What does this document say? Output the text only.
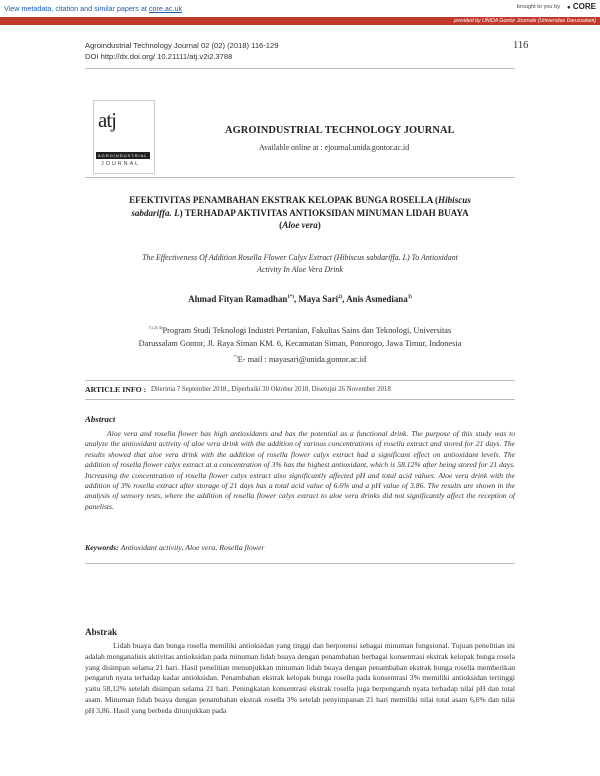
View metadata, citation and similar papers at core.ac.uk	brought to you by ● CORE
provided by UNIDA Gontor Journals (Universitas Darussalam)
Agroindustrial Technology Journal 02 (02) (2018) 116-129
DOI http://dx.doi.org/ 10.21111/atj.v2i2.3788
116
atj
AGROINDUSTRIAL
JOURNAL
AGROINDUSTRIAL TECHNOLOGY JOURNAL
Available online at : ejournal.unida.gontor.ac.id
EFEKTIVITAS PENAMBAHAN EKSTRAK KELOPAK BUNGA ROSELLA (Hibiscus
sabdariffa. L) TERHADAP AKTIVITAS ANTIOKSIDAN MINUMAN LIDAH BUAYA
(Aloe vera)
The Effectiveness Of Addition Rosella Flower Calyx Extract (Hibiscus sabdariffa. L) To Antioxidant
Activity In Aloe Vera Drink
Ahmad Fityan Ramadhan$^{1*)}$, Maya Sari$^{2)}$, Anis Asmediana$^{3)}$
$^{1) 2) 3)}$Program Studi Teknologi Industri Pertanian, Fakultas Sains dan Teknologi, Universitas
Darussalam Gontor, Jl. Raya Siman KM. 6, Kecamatan Siman, Ponorogo, Jawa Timur, Indonesia
*)E- mail : mayasari@unida.gontor.ac.id
ARTICLE INFO : Diterima 7 September 2018., Diperbaiki 30 Oktober 2018, Disetujui 26 November 2018
Abstract
Aloe vera and rosella flower has high antioxidants and has the potential as a functional drink. The purpose of this study was to analyze the antioxidant activity of aloe vera drink with the addition of various concentrations of rosella extract and stored for 21 days. The results showed that aloe vera drink with the addition of rosella flower calyx extract had a significant effect on antioxidant levels. The addition of rosella flower calyx extract at a concentration of 3% has the highest antioxidant, which is 58.12% after being stored for 21 days. Increasing the concentration of rosella flower calyx extract also significantly affected pH and total acid values. Aloe vera drink with the addition of 3% rosella extract after storage of 21 days has a total acid value of 6.6% and a pH value of 3.86. The results are shown in the analysis of sensory tests, where the addition of rosella flower calyx extract to aloe vera drinks did not significantly affect the reception of panelists.
Keywords: Antioxidant activity, Aloe vera, Rosella flower
Abstrak
Lidah buaya dan bunga rosella memiliki antioksidan yang tinggi dan berpotensi sebagai minuman fungsional. Tujuan penelitian ini adalah menganalisis aktivitas antioksidan pada minuman lidah buaya dengan penambahan berbagai konsentrasi ekstrak kelopak bunga rosela yang disimpan selama 21 hari. Hasil penelitian menunjukkan minuman lidah buaya dengan penambahan ekstrak bunga rosella memberikan pengaruh nyata terhadap kadar antioksidan. Penambahan ekstrak kelopak bunga rosella pada konsentrasi 3% memiliki antioksidan tertinggi yaitu 58,12% setelah disimpan selama 21 hari. Peningkatan konsentrasi ekstrak rosella juga berpengaruh nyata terhadap nilai pH dan total asam. Minuman lidah buaya dengan penambahan ekstrak rosella 3% setelah penyimpanan 21 hari memiliki nilai total asam 6,6% dan nilai pH 3,86. Hasil yang berbeda ditunjukkan pada
